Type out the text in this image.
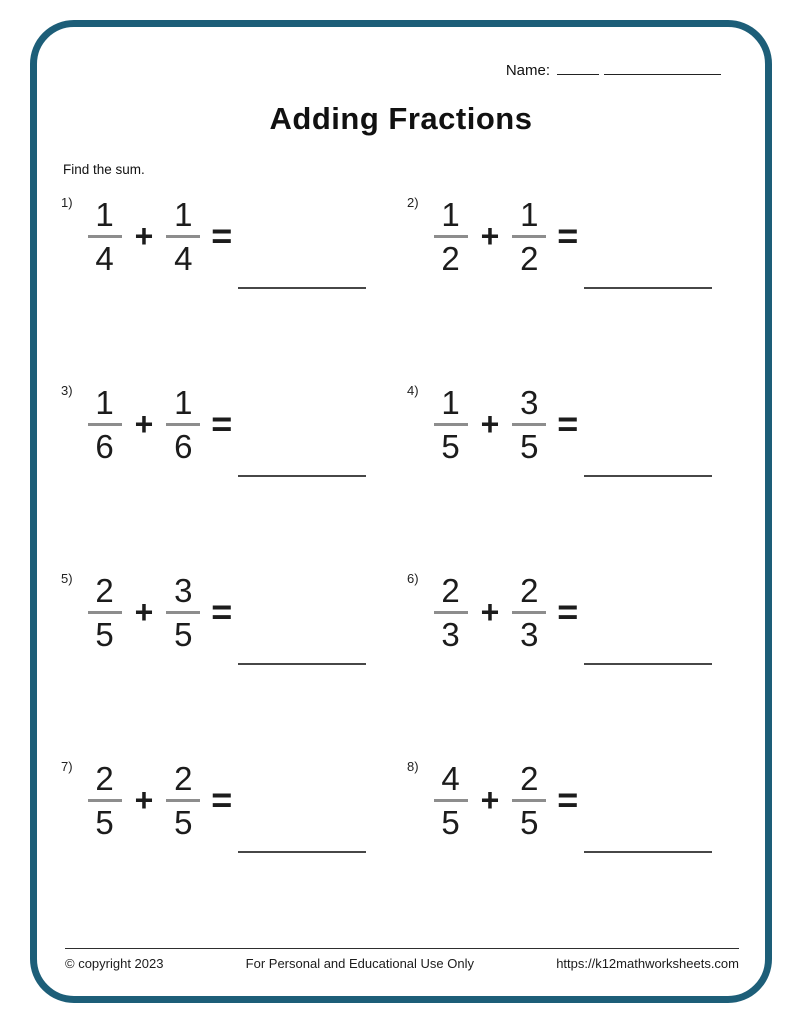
Name:
Adding Fractions
Find the sum.
$1) \frac{1}{4} + \frac{1}{4}$ =
$2) \frac{1}{2} + \frac{1}{2}$ =
$3) \frac{1}{6} + \frac{1}{6}$ =
$4) \frac{1}{5} + \frac{3}{5}$ =
$5) \frac{2}{5} + \frac{3}{5}$ =
$6) \frac{2}{3} + \frac{2}{3}$ =
$7) \frac{2}{5} + \frac{2}{5}$ =
$8) \frac{4}{5} + \frac{2}{5}$ =
© copyright 2023	For Personal and Educational Use Only	https://k12mathworksheets.com
